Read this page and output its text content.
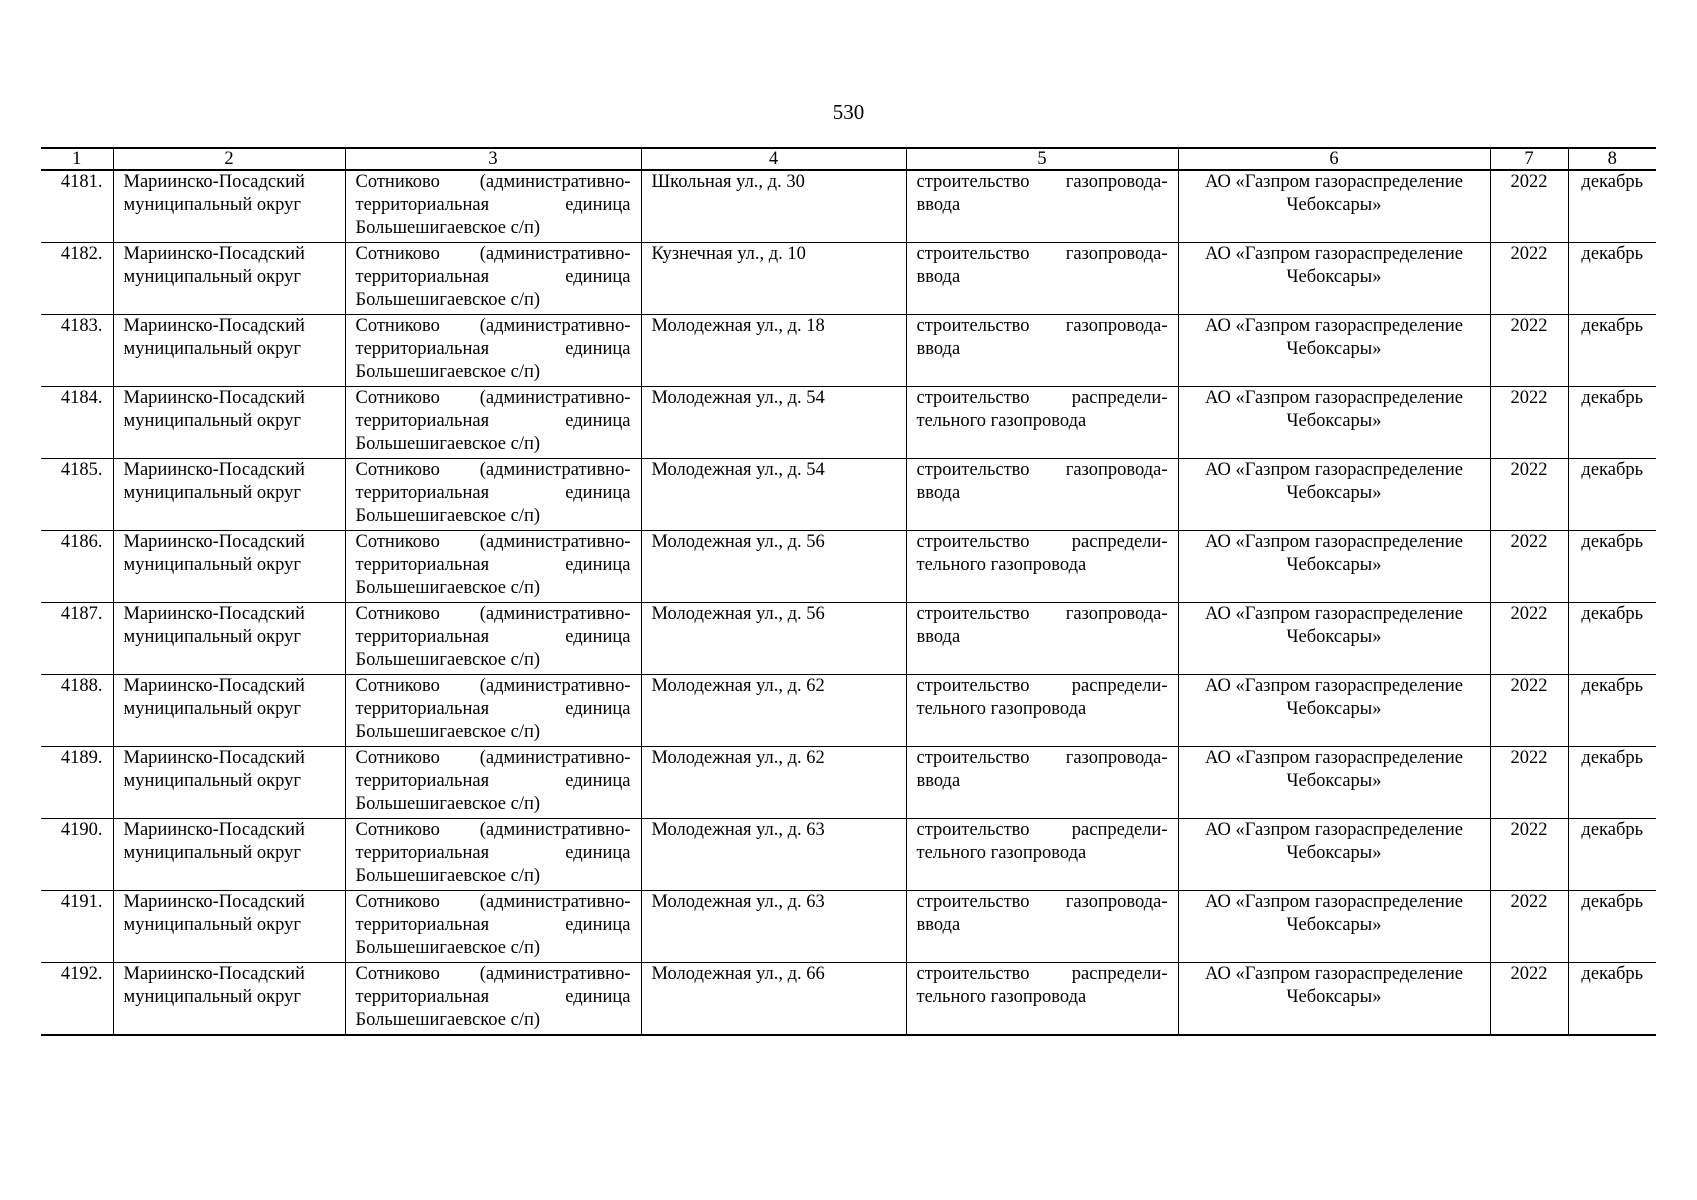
530
1	2	3	4	5	6	7	8
4181.	Мариинско-Посадский муниципальный округ	Сотниково (административно-территориальная единица Большешигаевское с/п)	Школьная ул., д. 30	строительство газопровода-ввода	АО «Газпром газораспределение Чебоксары»	2022	декабрь
4182.	Мариинско-Посадский муниципальный округ	Сотниково (административно-территориальная единица Большешигаевское с/п)	Кузнечная ул., д. 10	строительство газопровода-ввода	АО «Газпром газораспределение Чебоксары»	2022	декабрь
4183.	Мариинско-Посадский муниципальный округ	Сотниково (административно-территориальная единица Большешигаевское с/п)	Молодежная ул., д. 18	строительство газопровода-ввода	АО «Газпром газораспределение Чебоксары»	2022	декабрь
4184.	Мариинско-Посадский муниципальный округ	Сотниково (административно-территориальная единица Большешигаевское с/п)	Молодежная ул., д. 54	строительство распредели-тельного газопровода	АО «Газпром газораспределение Чебоксары»	2022	декабрь
4185.	Мариинско-Посадский муниципальный округ	Сотниково (административно-территориальная единица Большешигаевское с/п)	Молодежная ул., д. 54	строительство газопровода-ввода	АО «Газпром газораспределение Чебоксары»	2022	декабрь
4186.	Мариинско-Посадский муниципальный округ	Сотниково (административно-территориальная единица Большешигаевское с/п)	Молодежная ул., д. 56	строительство распредели-тельного газопровода	АО «Газпром газораспределение Чебоксары»	2022	декабрь
4187.	Мариинско-Посадский муниципальный округ	Сотниково (административно-территориальная единица Большешигаевское с/п)	Молодежная ул., д. 56	строительство газопровода-ввода	АО «Газпром газораспределение Чебоксары»	2022	декабрь
4188.	Мариинско-Посадский муниципальный округ	Сотниково (административно-территориальная единица Большешигаевское с/п)	Молодежная ул., д. 62	строительство распредели-тельного газопровода	АО «Газпром газораспределение Чебоксары»	2022	декабрь
4189.	Мариинско-Посадский муниципальный округ	Сотниково (административно-территориальная единица Большешигаевское с/п)	Молодежная ул., д. 62	строительство газопровода-ввода	АО «Газпром газораспределение Чебоксары»	2022	декабрь
4190.	Мариинско-Посадский муниципальный округ	Сотниково (административно-территориальная единица Большешигаевское с/п)	Молодежная ул., д. 63	строительство распредели-тельного газопровода	АО «Газпром газораспределение Чебоксары»	2022	декабрь
4191.	Мариинско-Посадский муниципальный округ	Сотниково (административно-территориальная единица Большешигаевское с/п)	Молодежная ул., д. 63	строительство газопровода-ввода	АО «Газпром газораспределение Чебоксары»	2022	декабрь
4192.	Мариинско-Посадский муниципальный округ	Сотниково (административно-территориальная единица Большешигаевское с/п)	Молодежная ул., д. 66	строительство распредели-тельного газопровода	АО «Газпром газораспределение Чебоксары»	2022	декабрь
